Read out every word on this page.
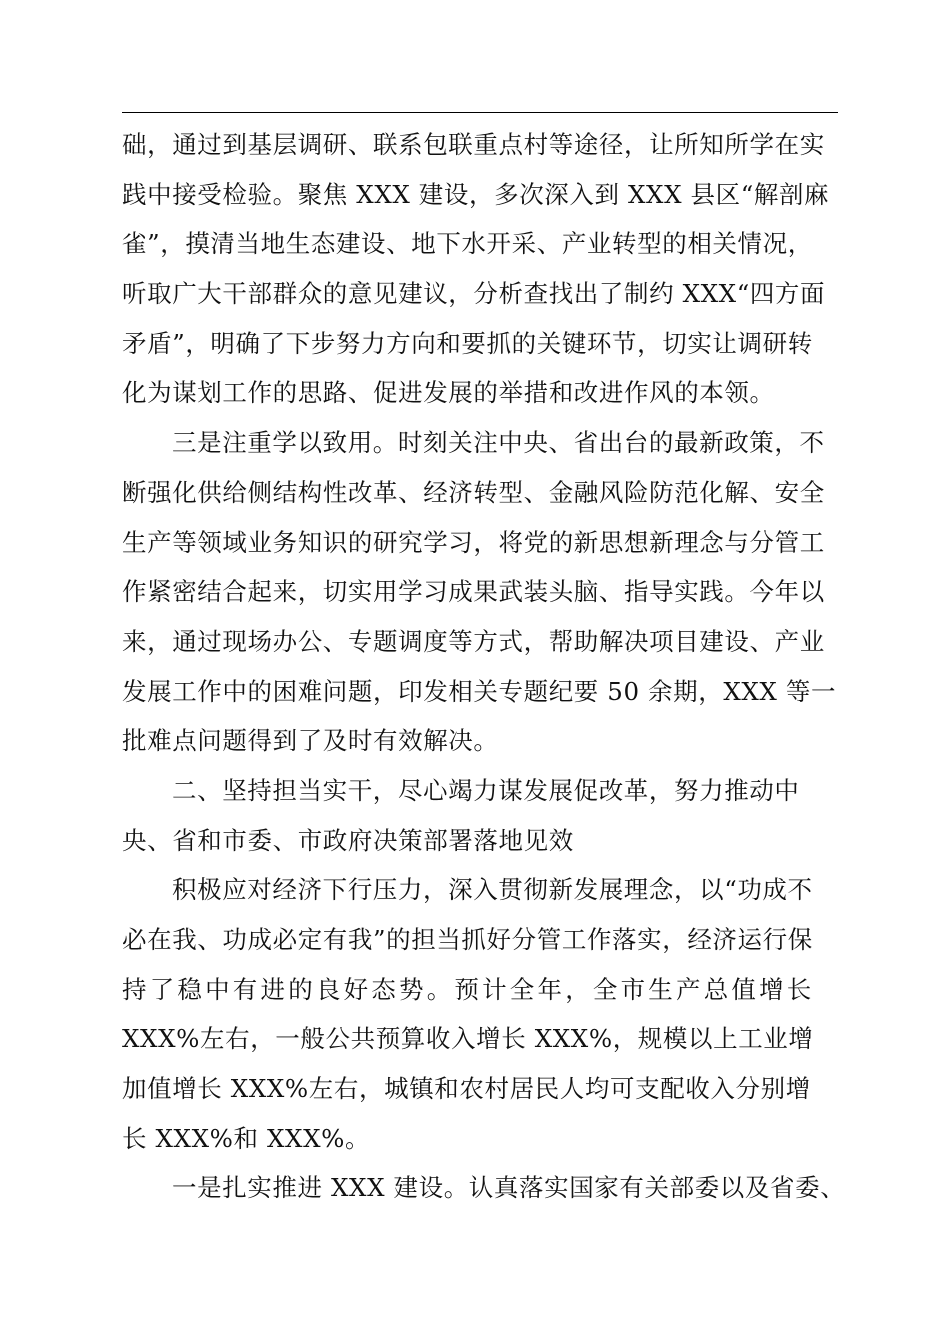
础，通过到基层调研、联系包联重点村等途径，让所知所学在实
践中接受检验。聚焦 XXX 建设，多次深入到 XXX 县区“解剖麻
雀”，摸清当地生态建设、地下水开采、产业转型的相关情况，
听取广大干部群众的意见建议，分析查找出了制约 XXX“四方面
矛盾”，明确了下步努力方向和要抓的关键环节，切实让调研转
化为谋划工作的思路、促进发展的举措和改进作风的本领。
三是注重学以致用。时刻关注中央、省出台的最新政策，不
断强化供给侧结构性改革、经济转型、金融风险防范化解、安全
生产等领域业务知识的研究学习，将党的新思想新理念与分管工
作紧密结合起来，切实用学习成果武装头脑、指导实践。今年以
来，通过现场办公、专题调度等方式，帮助解决项目建设、产业
发展工作中的困难问题，印发相关专题纪要 50 余期，XXX 等一
批难点问题得到了及时有效解决。
二、坚持担当实干，尽心竭力谋发展促改革，努力推动中
央、省和市委、市政府决策部署落地见效
积极应对经济下行压力，深入贯彻新发展理念，以“功成不
必在我、功成必定有我”的担当抓好分管工作落实，经济运行保
持了稳中有进的良好态势。预计全年，全市生产总值增长
XXX%左右，一般公共预算收入增长 XXX%，规模以上工业增
加值增长 XXX%左右，城镇和农村居民人均可支配收入分别增
长 XXX%和 XXX%。
一是扎实推进 XXX 建设。认真落实国家有关部委以及省委、
